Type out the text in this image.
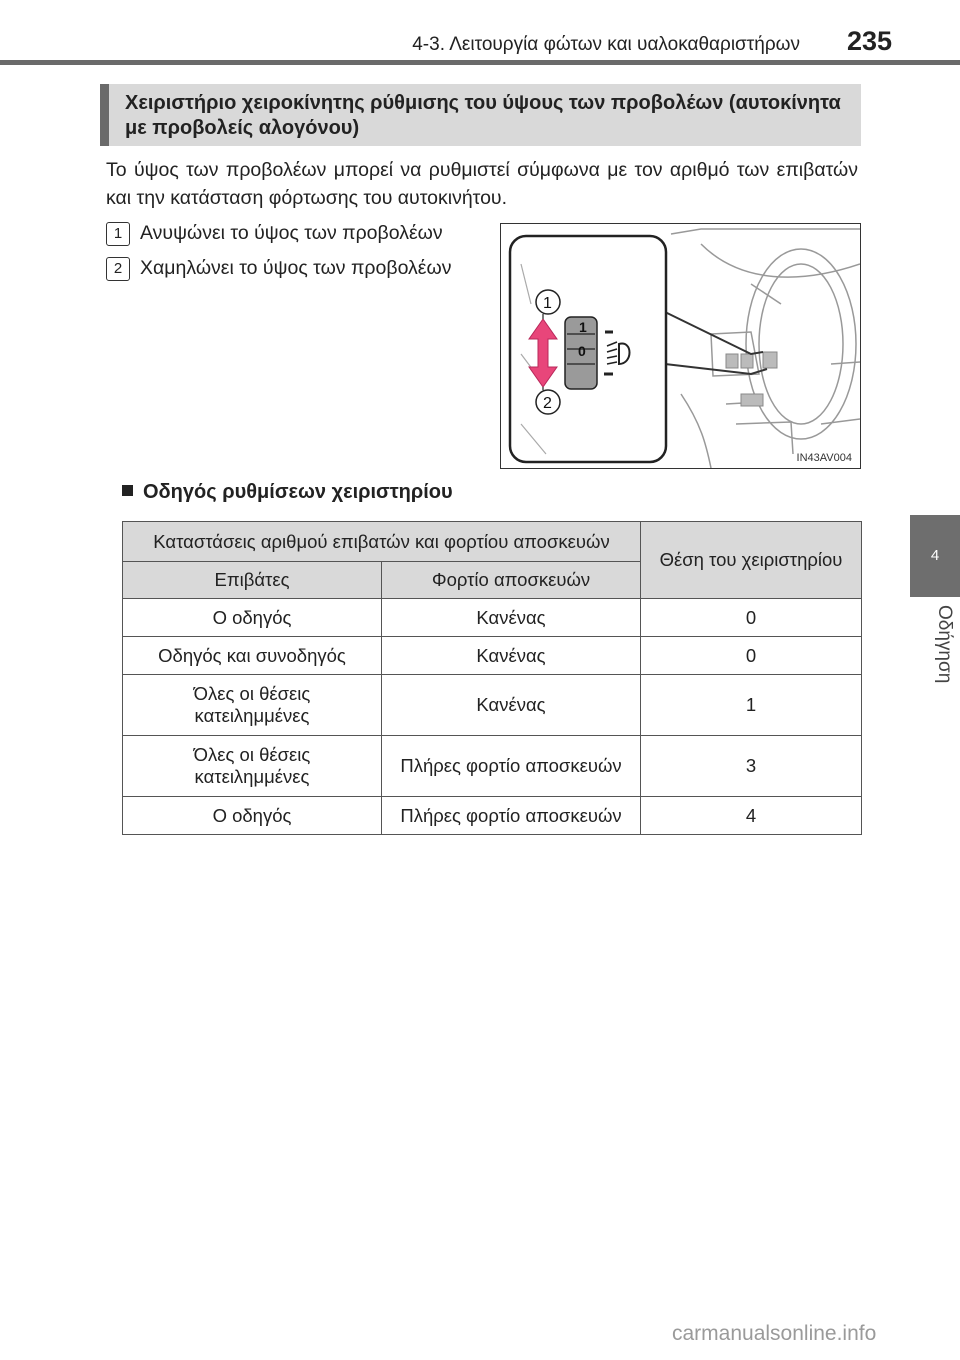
4-3. Λειτουργία φώτων και υαλοκαθαριστήρων 235
4
Οδήγηση
Χειριστήριο χειροκίνητης ρύθμισης του ύψους των προβολέων (αυτοκίνητα με προβολείς αλογόνου)
Το ύψος των προβολέων μπορεί να ρυθμιστεί σύμφωνα με τον αριθμό των επιβατών και την κατάσταση φόρτωσης του αυτοκινήτου.
1 Ανυψώνει το ύψος των προβολέων
2 Χαμηλώνει το ύψος των προβολέων
1
0
1
2
IN43AV004
Οδηγός ρυθμίσεων χειριστηρίου
Καταστάσεις αριθμού επιβατών και φορτίου αποσκευών		Θέση του χειριστηρίου
Επιβάτες	Φορτίο αποσκευών	
Ο οδηγός	Κανένας	0
Οδηγός και συνοδηγός	Κανένας	0
Όλες οι θέσεις
κατειλημμένες	Κανένας	1
Όλες οι θέσεις
κατειλημμένες	Πλήρες φορτίο αποσκευών	3
Ο οδηγός	Πλήρες φορτίο αποσκευών	4
carmanualsonline.info
